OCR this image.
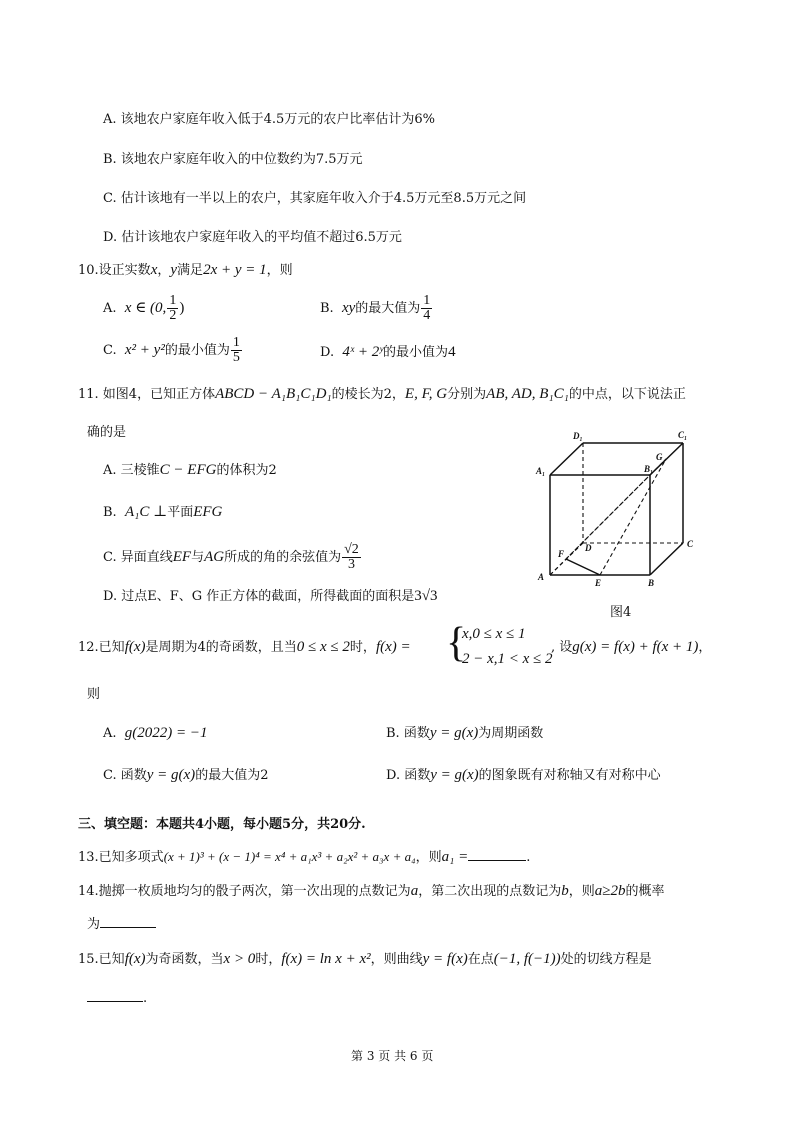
A. 该地农户家庭年收入低于4.5万元的农户比率估计为6%
B. 该地农户家庭年收入的中位数约为7.5万元
C. 估计该地有一半以上的农户，其家庭年收入介于4.5万元至8.5万元之间
D. 估计该地农户家庭年收入的平均值不超过6.5万元
10.设正实数x，y满足2x + y = 1，则
A. x ∈ (0, $\frac{1}{2}$ )	B. xy的最大值为 $\frac{1}{4}$
C. x² + y²的最小值为 $\frac{1}{5}$	D. 4ˣ + 2ʸ的最小值为4
11. 如图4，已知正方体ABCD − A₁B₁C₁D₁的棱长为2，E, F, G分别为AB, AD, B₁C₁的中点，以下说法正
确的是
A. 三棱锥C − EFG的体积为2
B. A₁C ⊥平面EFG
C. 异面直线EF与AG所成的角的余弦值为 $\frac{√2}{3}$
D. 过点E、F、G 作正方体的截面，所得截面的面积是3√3
D₁	C₁
A₁	B₁
G
D	C
F
A
E	B
图4
12.已知f(x)是周期为4的奇函数，且当0 ≤ x ≤ 2时，f(x) = {
x,0 ≤ x ≤ 1
2 − x,1 < x ≤ 2
, 设g(x) = f(x) + f(x + 1)，
则
A. g(2022) = −1	B. 函数y = g(x)为周期函数
C. 函数y = g(x)的最大值为2	D. 函数y = g(x)的图象既有对称轴又有对称中心
三、填空题：本题共4小题，每小题5分，共20分.
13.已知多项式(x + 1)³ + (x − 1)⁴ = x⁴ + a₁x³ + a₂x² + a₃x + a₄，则a₁ =	.
14.抛掷一枚质地均匀的骰子两次，第一次出现的点数记为a，第二次出现的点数记为b，则a≥2b的概率
为
15.已知f(x)为奇函数，当x > 0时，f(x) = ln x + x²，则曲线y = f(x)在点(−1, f(−1))处的切线方程是
.
第 3 页 共 6 页
